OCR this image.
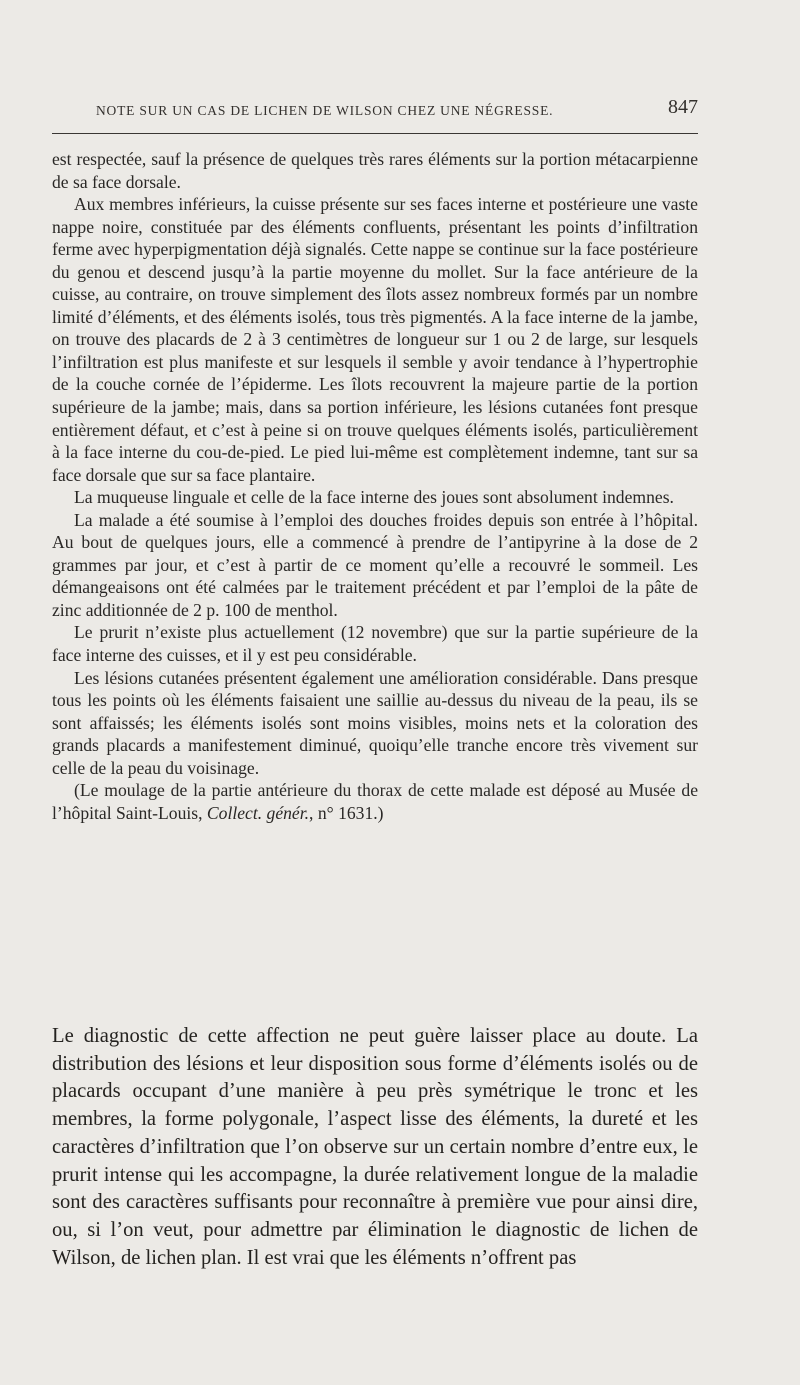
NOTE SUR UN CAS DE LICHEN DE WILSON CHEZ UNE NÉGRESSE.	847

est respectée, sauf la présence de quelques très rares éléments sur la portion métacarpienne de sa face dorsale.

Aux membres inférieurs, la cuisse présente sur ses faces interne et postérieure une vaste nappe noire, constituée par des éléments confluents, présentant les points d’infiltration ferme avec hyperpigmentation déjà signalés. Cette nappe se continue sur la face postérieure du genou et descend jusqu’à la partie moyenne du mollet. Sur la face antérieure de la cuisse, au contraire, on trouve simplement des îlots assez nombreux formés par un nombre limité d’éléments, et des éléments isolés, tous très pigmentés. A la face interne de la jambe, on trouve des placards de 2 à 3 centimètres de longueur sur 1 ou 2 de large, sur lesquels l’infiltration est plus manifeste et sur lesquels il semble y avoir tendance à l’hypertrophie de la couche cornée de l’épiderme. Les îlots recouvrent la majeure partie de la portion supérieure de la jambe; mais, dans sa portion inférieure, les lésions cutanées font presque entièrement défaut, et c’est à peine si on trouve quelques éléments isolés, particulièrement à la face interne du cou-de-pied. Le pied lui-même est complètement indemne, tant sur sa face dorsale que sur sa face plantaire.

La muqueuse linguale et celle de la face interne des joues sont absolument indemnes.

La malade a été soumise à l’emploi des douches froides depuis son entrée à l’hôpital. Au bout de quelques jours, elle a commencé à prendre de l’antipyrine à la dose de 2 grammes par jour, et c’est à partir de ce moment qu’elle a recouvré le sommeil. Les démangeaisons ont été calmées par le traitement précédent et par l’emploi de la pâte de zinc additionnée de 2 p. 100 de menthol.

Le prurit n’existe plus actuellement (12 novembre) que sur la partie supérieure de la face interne des cuisses, et il y est peu considérable.

Les lésions cutanées présentent également une amélioration considérable. Dans presque tous les points où les éléments faisaient une saillie au-dessus du niveau de la peau, ils se sont affaissés; les éléments isolés sont moins visibles, moins nets et la coloration des grands placards a manifestement diminué, quoiqu’elle tranche encore très vivement sur celle de la peau du voisinage.

(Le moulage de la partie antérieure du thorax de cette malade est déposé au Musée de l’hôpital Saint-Louis, Collect. génér., n° 1631.)

Le diagnostic de cette affection ne peut guère laisser place au doute. La distribution des lésions et leur disposition sous forme d’éléments isolés ou de placards occupant d’une manière à peu près symétrique le tronc et les membres, la forme polygonale, l’aspect lisse des éléments, la dureté et les caractères d’infiltration que l’on observe sur un certain nombre d’entre eux, le prurit intense qui les accompagne, la durée relativement longue de la maladie sont des caractères suffisants pour reconnaître à première vue pour ainsi dire, ou, si l’on veut, pour admettre par élimination le diagnostic de lichen de Wilson, de lichen plan. Il est vrai que les éléments n’offrent pas
